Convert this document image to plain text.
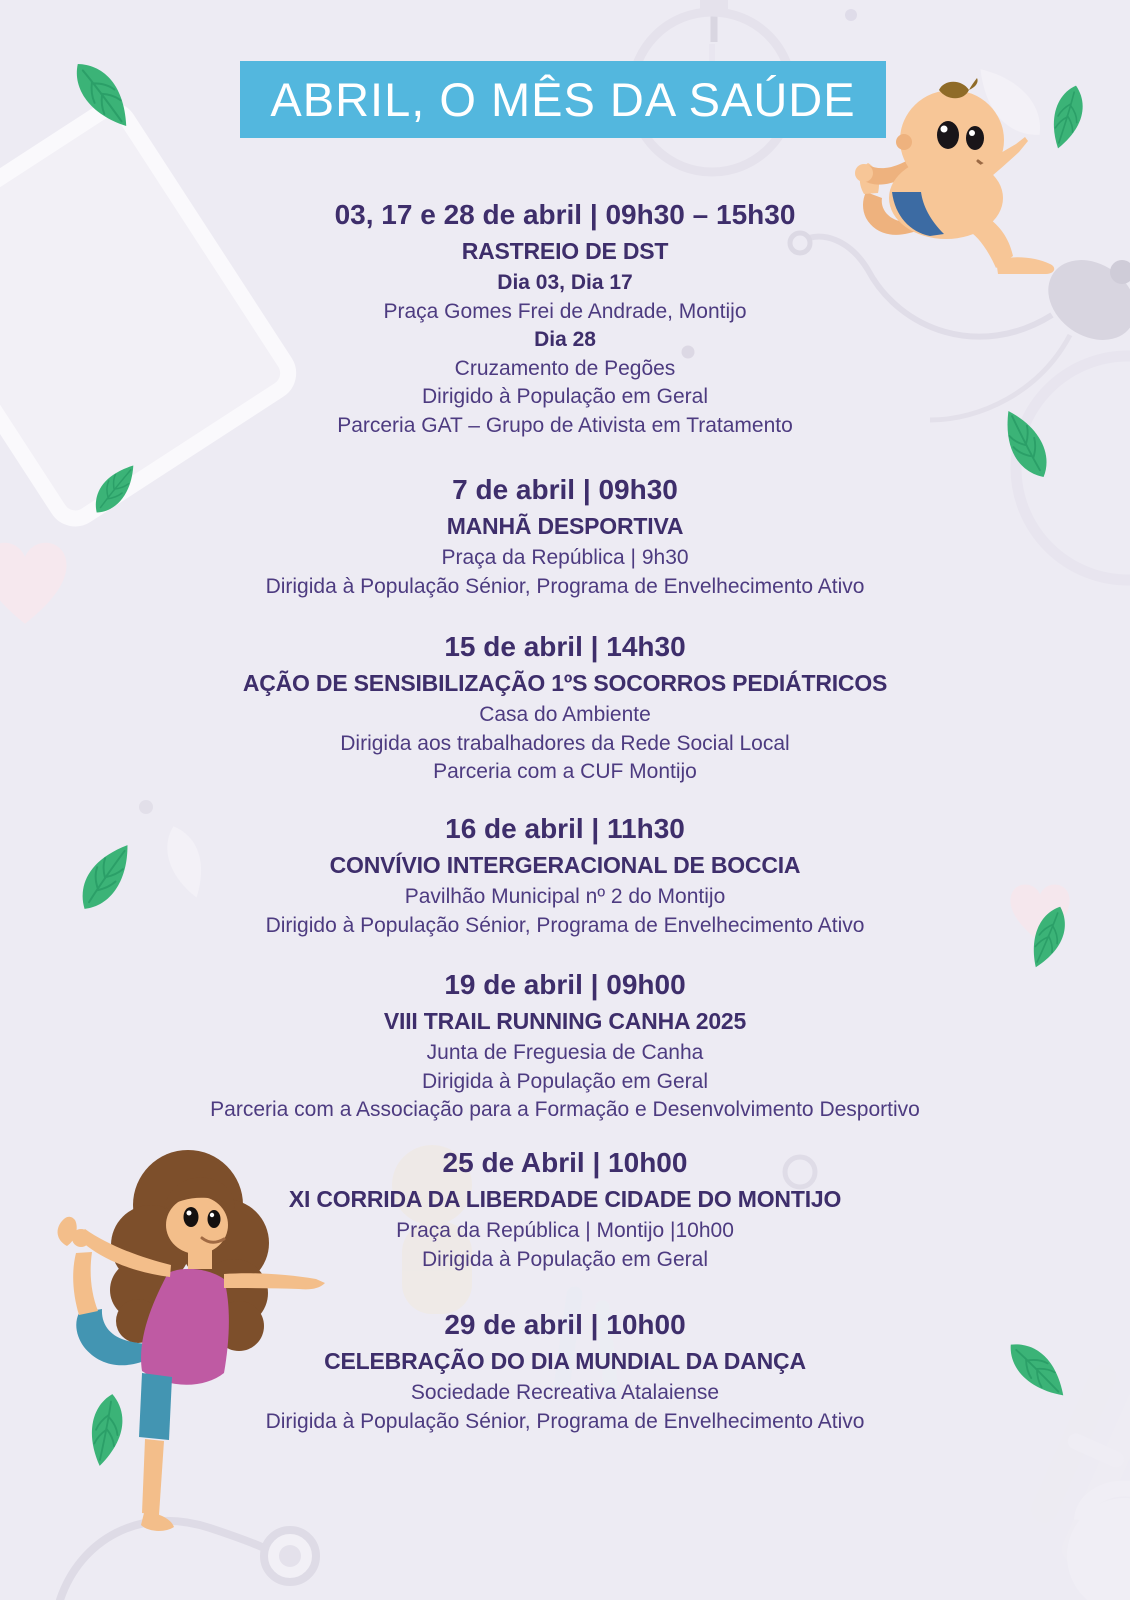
ABRIL, O MÊS DA SAÚDE
03, 17 e 28 de abril | 09h30 – 15h30
RASTREIO DE DST

Dia 03, Dia 17

Praça Gomes Frei de Andrade, Montijo

Dia 28

Cruzamento de Pegões

Dirigido à População em Geral

Parceria GAT – Grupo de Ativista em Tratamento

7 de abril | 09h30
MANHÃ DESPORTIVA

Praça da República | 9h30

Dirigida à População Sénior, Programa de Envelhecimento Ativo

15 de abril | 14h30
AÇÃO DE SENSIBILIZAÇÃO 1ºS SOCORROS PEDIÁTRICOS

Casa do Ambiente

Dirigida aos trabalhadores da Rede Social Local

Parceria com a CUF Montijo

16 de abril | 11h30
CONVÍVIO INTERGERACIONAL DE BOCCIA

Pavilhão Municipal nº 2 do Montijo

Dirigido à População Sénior, Programa de Envelhecimento Ativo

19 de abril | 09h00
VIII TRAIL RUNNING CANHA 2025

Junta de Freguesia de Canha

Dirigida à População em Geral

Parceria com a Associação para a Formação e Desenvolvimento Desportivo

25 de Abril | 10h00
XI CORRIDA DA LIBERDADE CIDADE DO MONTIJO

Praça da República | Montijo |10h00

Dirigida à População em Geral

29 de abril | 10h00
CELEBRAÇÃO DO DIA MUNDIAL DA DANÇA

Sociedade Recreativa Atalaiense

Dirigida à População Sénior, Programa de Envelhecimento Ativo
